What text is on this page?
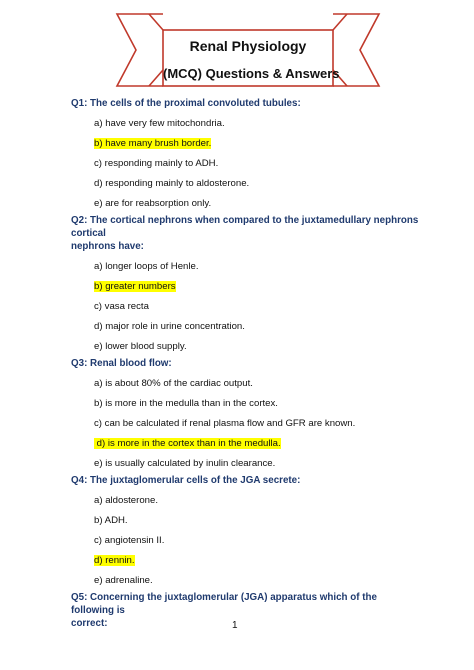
Renal Physiology
(MCQ) Questions & Answers

Q1: The cells of the proximal convoluted tubules:

a) have very few mitochondria.

b) have many brush border.

c) responding mainly to ADH.

d) responding mainly to aldosterone.

e) are for reabsorption only.

Q2: The cortical nephrons when compared to the juxtamedullary nephrons cortical
nephrons have:

a) longer loops of Henle.

b) greater numbers

c) vasa recta

d) major role in urine concentration.

e) lower blood supply.

Q3: Renal blood flow:

a) is about 80% of the cardiac output.

b) is more in the medulla than in the cortex.

c) can be calculated if renal plasma flow and GFR are known.

d) is more in the cortex than in the medulla.

e) is usually calculated by inulin clearance.

Q4: The juxtaglomerular cells of the JGA secrete:

a) aldosterone.

b) ADH.

c) angiotensin II.

d) rennin.

e) adrenaline.

Q5: Concerning the juxtaglomerular (JGA) apparatus which of the following is
correct:	1
